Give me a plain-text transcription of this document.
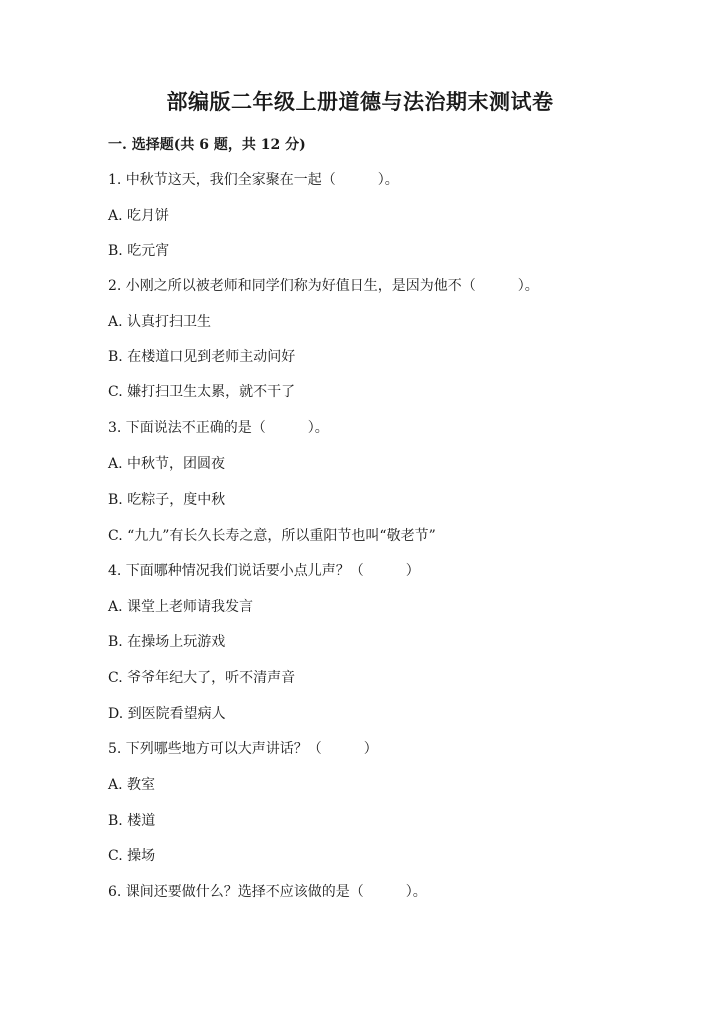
部编版二年级上册道德与法治期末测试卷
一. 选择题(共 6 题，共 12 分)
1. 中秋节这天，我们全家聚在一起（　　　）。
A. 吃月饼
B. 吃元宵
2. 小刚之所以被老师和同学们称为好值日生，是因为他不（　　　）。
A. 认真打扫卫生
B. 在楼道口见到老师主动问好
C. 嫌打扫卫生太累，就不干了
3. 下面说法不正确的是（　　　）。
A. 中秋节，团圆夜
B. 吃粽子，度中秋
C. “九九”有长久长寿之意，所以重阳节也叫“敬老节”
4. 下面哪种情况我们说话要小点儿声？（　　　）
A. 课堂上老师请我发言
B. 在操场上玩游戏
C. 爷爷年纪大了，听不清声音
D. 到医院看望病人
5. 下列哪些地方可以大声讲话？（　　　）
A. 教室
B. 楼道
C. 操场
6. 课间还要做什么？选择不应该做的是（　　　）。
